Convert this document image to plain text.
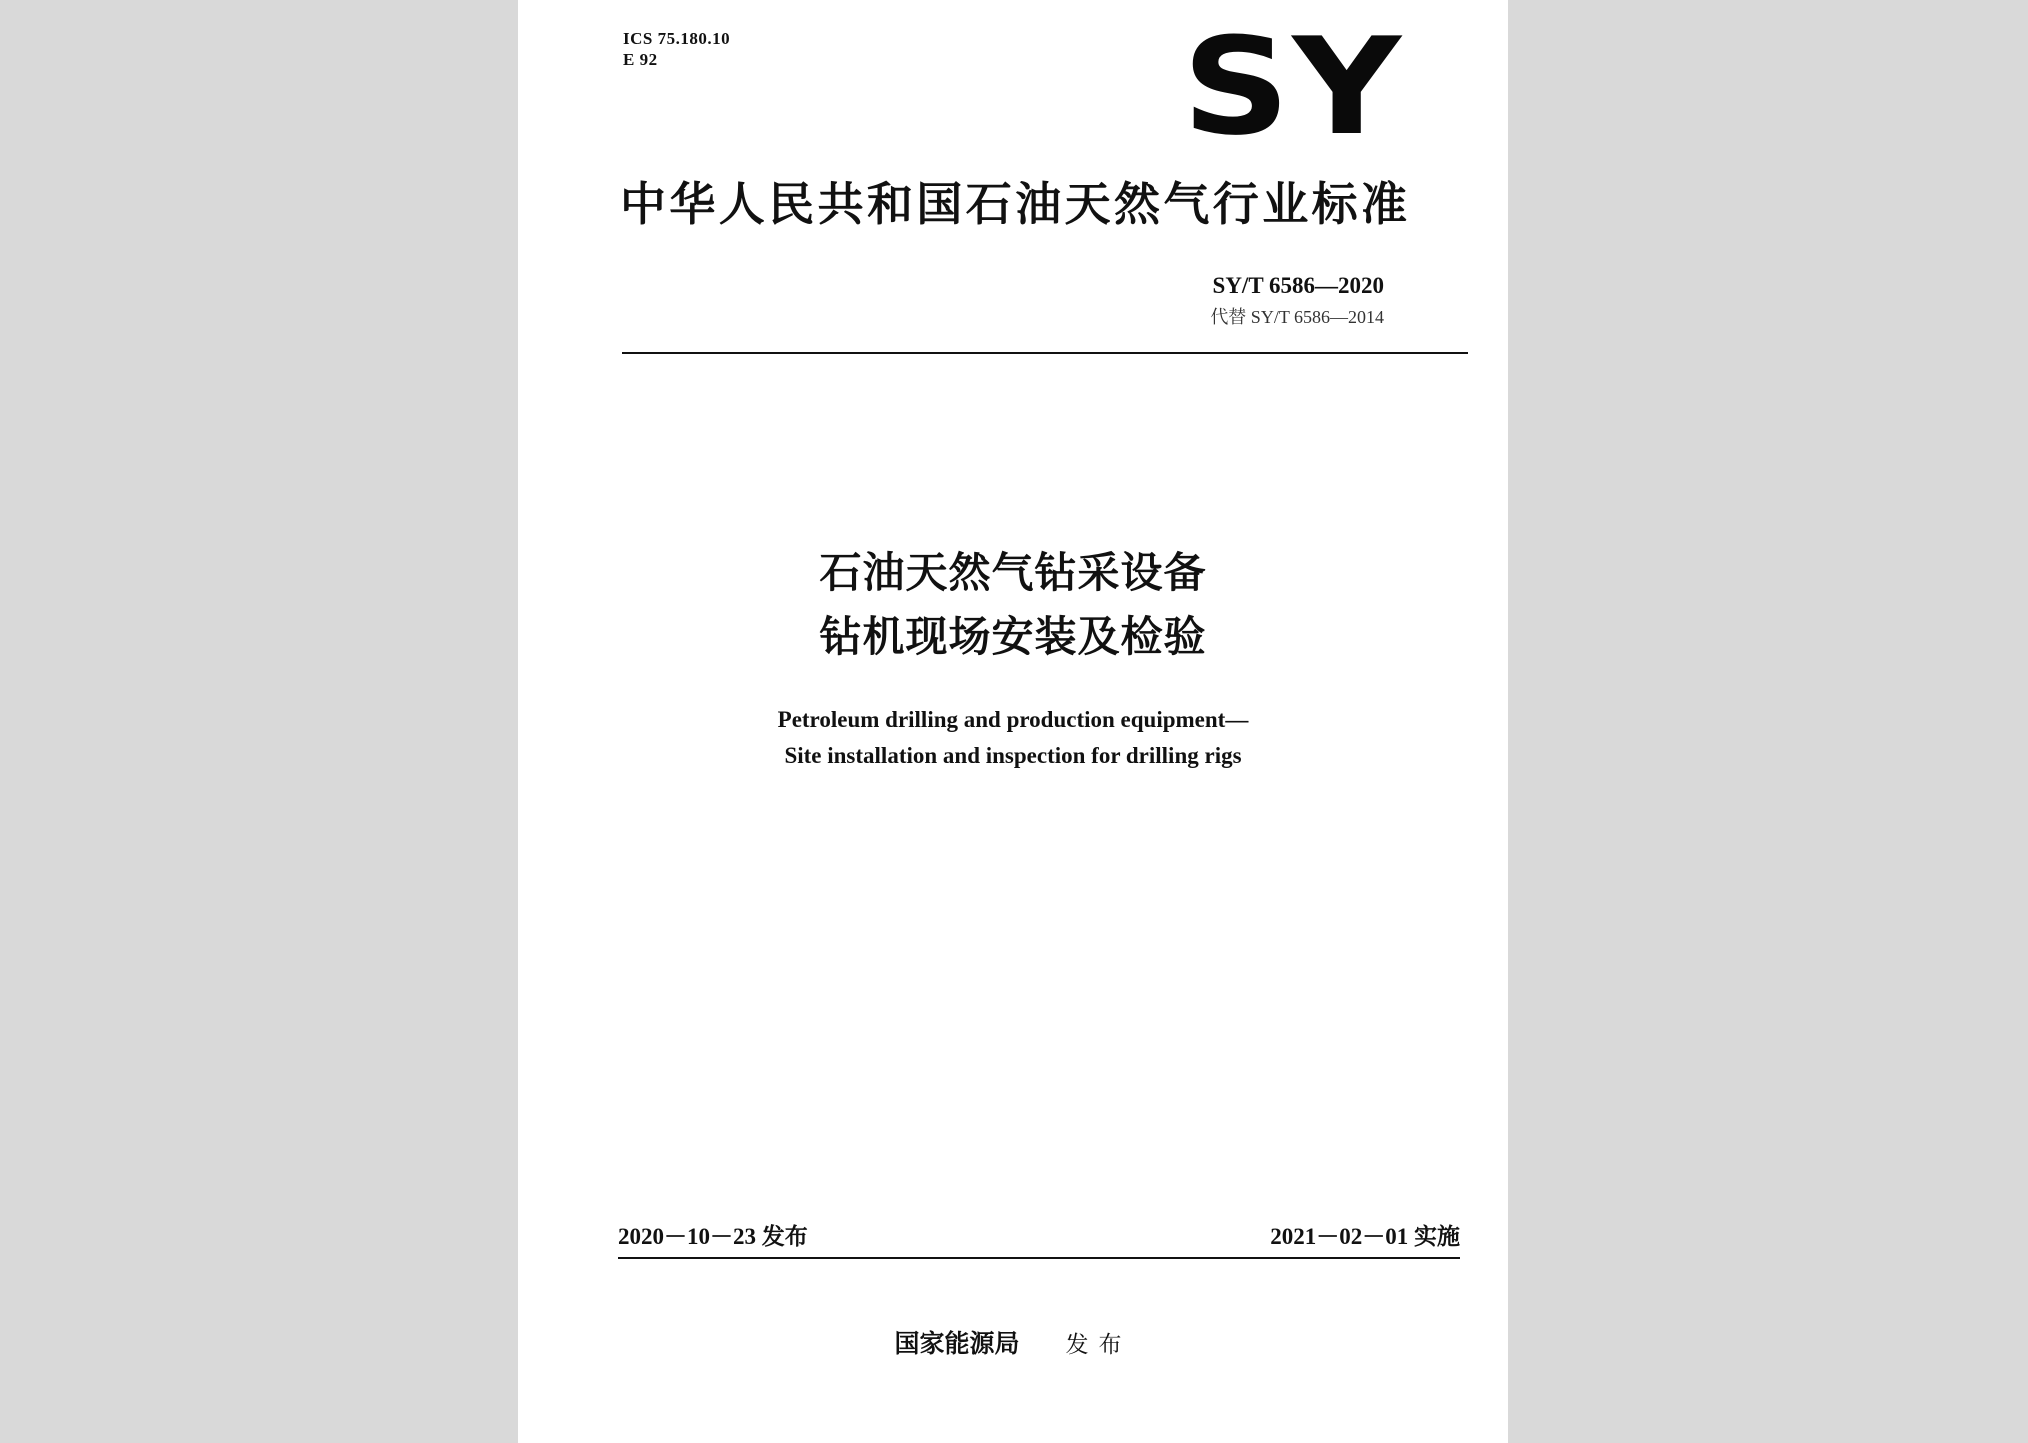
ICS 75.180.10
E 92	SY
中华人民共和国石油天然气行业标准
SY/T 6586—2020
代替 SY/T 6586—2014
石油天然气钻采设备
钻机现场安装及检验
Petroleum drilling and production equipment—
Site installation and inspection for drilling rigs
2020－10－23 发布	2021－02－01 实施
国家能源局 发布
